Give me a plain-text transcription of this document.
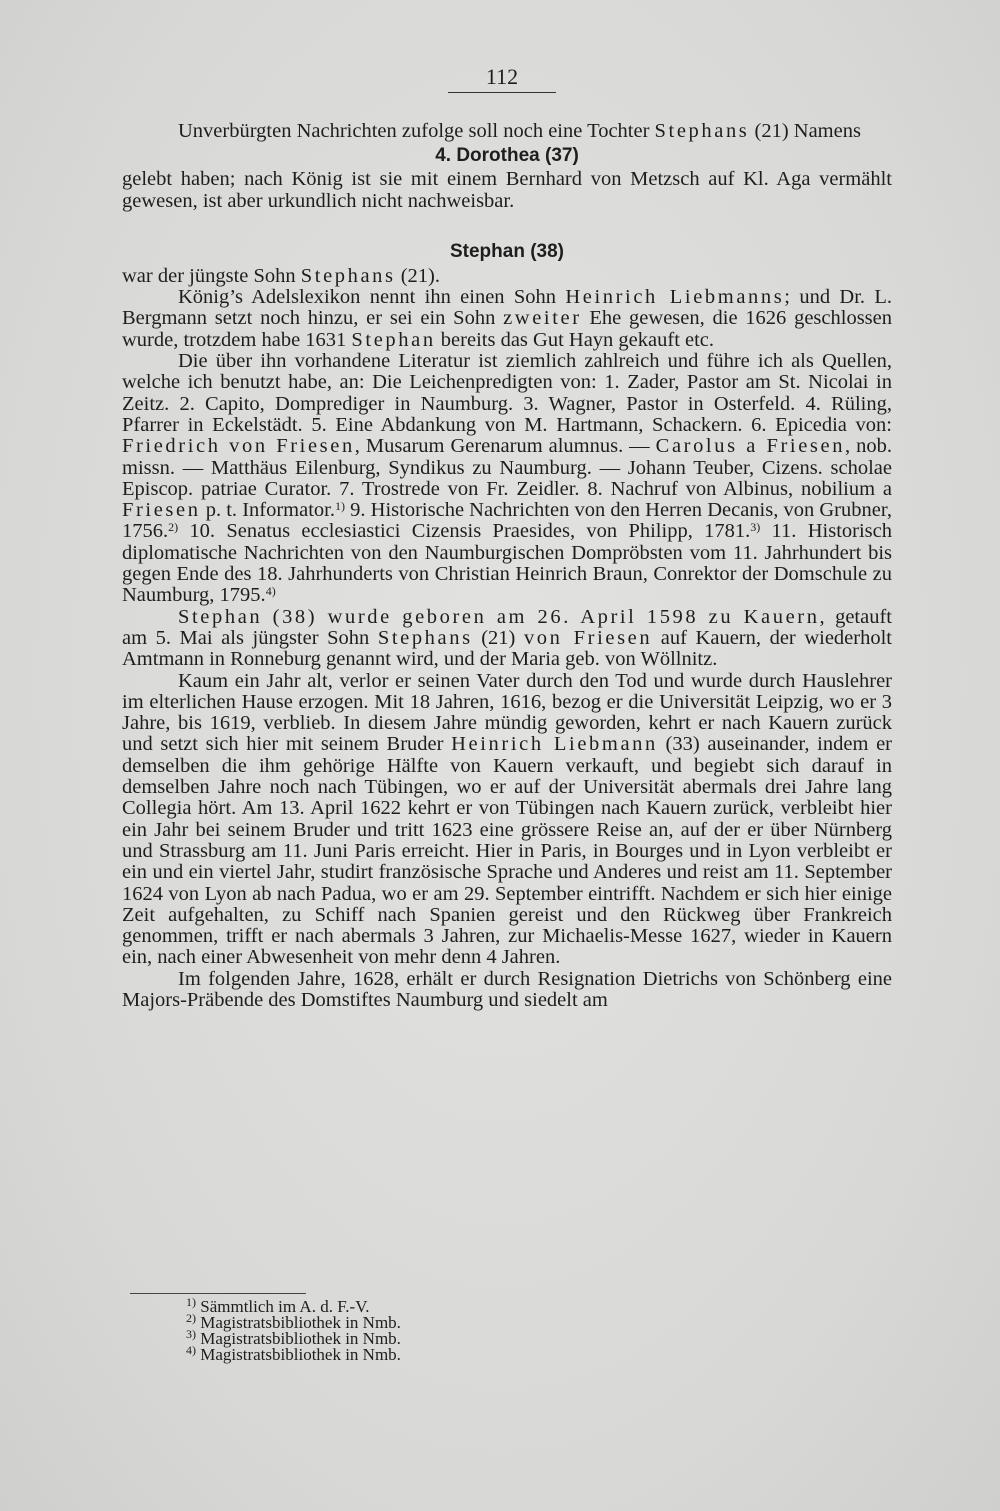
112

Unverbürgten Nachrichten zufolge soll noch eine Tochter Stephans (21) Namens

4. Dorothea (37)

gelebt haben; nach König ist sie mit einem Bernhard von Metzsch auf Kl. Aga vermählt gewesen, ist aber urkundlich nicht nachweisbar.

Stephan (38)

war der jüngste Sohn Stephans (21).

König’s Adelslexikon nennt ihn einen Sohn Heinrich Liebmanns; und Dr. L. Bergmann setzt noch hinzu, er sei ein Sohn zweiter Ehe gewesen, die 1626 geschlossen wurde, trotzdem habe 1631 Stephan bereits das Gut Hayn gekauft etc.

Die über ihn vorhandene Literatur ist ziemlich zahlreich und führe ich als Quellen, welche ich benutzt habe, an: Die Leichenpredigten von: 1. Zader, Pastor am St. Nicolai in Zeitz. 2. Capito, Domprediger in Naumburg. 3. Wagner, Pastor in Osterfeld. 4. Rüling, Pfarrer in Eckelstädt. 5. Eine Abdankung von M. Hartmann, Schackern. 6. Epicedia von: Friedrich von Friesen, Musarum Gerenarum alumnus. — Carolus a Friesen, nob. missn. — Matthäus Eilenburg, Syndikus zu Naumburg. — Johann Teuber, Cizens. scholae Episcop. patriae Curator. 7. Trostrede von Fr. Zeidler. 8. Nachruf von Albinus, nobilium a Friesen p. t. Informator.$^{1)}$ 9. Historische Nachrichten von den Herren Decanis, von Grubner, 1756.$^{2)}$ 10. Senatus ecclesiastici Cizensis Praesides, von Philipp, 1781.$^{3)}$ 11. Historisch diplomatische Nachrichten von den Naumburgischen Dompröbsten vom 11. Jahrhundert bis gegen Ende des 18. Jahrhunderts von Christian Heinrich Braun, Conrektor der Domschule zu Naumburg, 1795.$^{4)}$

Stephan (38) wurde geboren am 26. April 1598 zu Kauern, getauft am 5. Mai als jüngster Sohn Stephans (21) von Friesen auf Kauern, der wiederholt Amtmann in Ronneburg genannt wird, und der Maria geb. von Wöllnitz.

Kaum ein Jahr alt, verlor er seinen Vater durch den Tod und wurde durch Hauslehrer im elterlichen Hause erzogen. Mit 18 Jahren, 1616, bezog er die Universität Leipzig, wo er 3 Jahre, bis 1619, verblieb. In diesem Jahre mündig geworden, kehrt er nach Kauern zurück und setzt sich hier mit seinem Bruder Heinrich Liebmann (33) auseinander, indem er demselben die ihm gehörige Hälfte von Kauern verkauft, und begiebt sich darauf in demselben Jahre noch nach Tübingen, wo er auf der Universität abermals drei Jahre lang Collegia hört. Am 13. April 1622 kehrt er von Tübingen nach Kauern zurück, verbleibt hier ein Jahr bei seinem Bruder und tritt 1623 eine grössere Reise an, auf der er über Nürnberg und Strassburg am 11. Juni Paris erreicht. Hier in Paris, in Bourges und in Lyon verbleibt er ein und ein viertel Jahr, studirt französische Sprache und Anderes und reist am 11. September 1624 von Lyon ab nach Padua, wo er am 29. September eintrifft. Nachdem er sich hier einige Zeit aufgehalten, zu Schiff nach Spanien gereist und den Rückweg über Frankreich genommen, trifft er nach abermals 3 Jahren, zur Michaelis-Messe 1627, wieder in Kauern ein, nach einer Abwesenheit von mehr denn 4 Jahren.

Im folgenden Jahre, 1628, erhält er durch Resignation Dietrichs von Schönberg eine Majors-Präbende des Domstiftes Naumburg und siedelt am

$^{1)}$ Sämmtlich im A. d. F.-V.

$^{2)}$ Magistratsbibliothek in Nmb.

$^{3)}$ Magistratsbibliothek in Nmb.

$^{4)}$ Magistratsbibliothek in Nmb.
